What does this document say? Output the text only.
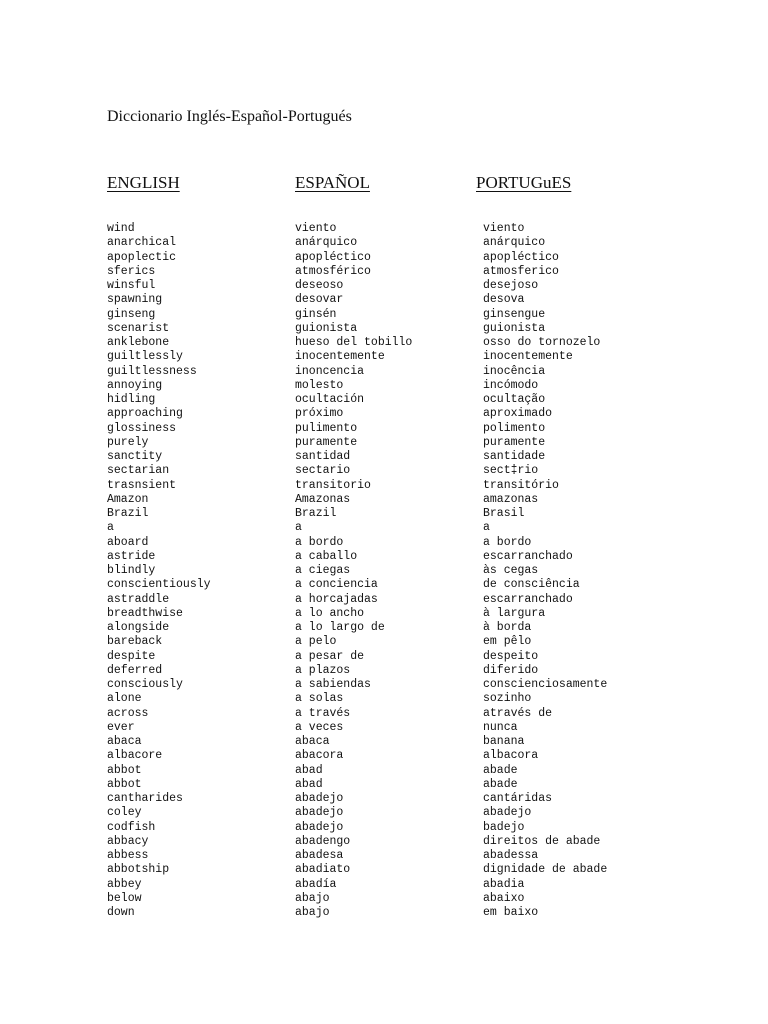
Diccionario Inglés-Español-Portugués
ENGLISH	ESPAÑOL	PORTUGuES
wind
anarchical
apoplectic
sferics
winsful
spawning
ginseng
scenarist
anklebone
guiltlessly
guiltlessness
annoying
hidling
approaching
glossiness
purely
sanctity
sectarian
trasnsient
Amazon
Brazil
a
aboard
astride
blindly
conscientiously
astraddle
breadthwise
alongside
bareback
despite
deferred
consciously
alone
across
ever
abaca
albacore
abbot
abbot
cantharides
coley
codfish
abbacy
abbess
abbotship
abbey
below
down
viento
anárquico
apopléctico
atmosférico
deseoso
desovar
ginsén
guionista
hueso del tobillo
inocentemente
inoncencia
molesto
ocultación
próximo
pulimento
puramente
santidad
sectario
transitorio
Amazonas
Brazil
a
a bordo
a caballo
a ciegas
a conciencia
a horcajadas
a lo ancho
a lo largo de
a pelo
a pesar de
a plazos
a sabiendas
a solas
a través
a veces
abaca
abacora
abad
abad
abadejo
abadejo
abadejo
abadengo
abadesa
abadiato
abadía
abajo
abajo
viento
anárquico
apopléctico
atmosferico
desejoso
desova
ginsengue
guionista
osso do tornozelo
inocentemente
inocência
incómodo
ocultação
aproximado
polimento
puramente
santidade
sect‡rio
transitório
amazonas
Brasil
a
a bordo
escarranchado
às cegas
de consciência
escarranchado
à largura
à borda
em pêlo
despeito
diferido
conscienciosamente
sozinho
através de
nunca
banana
albacora
abade
abade
cantáridas
abadejo
badejo
direitos de abade
abadessa
dignidade de abade
abadia
abaixo
em baixo
